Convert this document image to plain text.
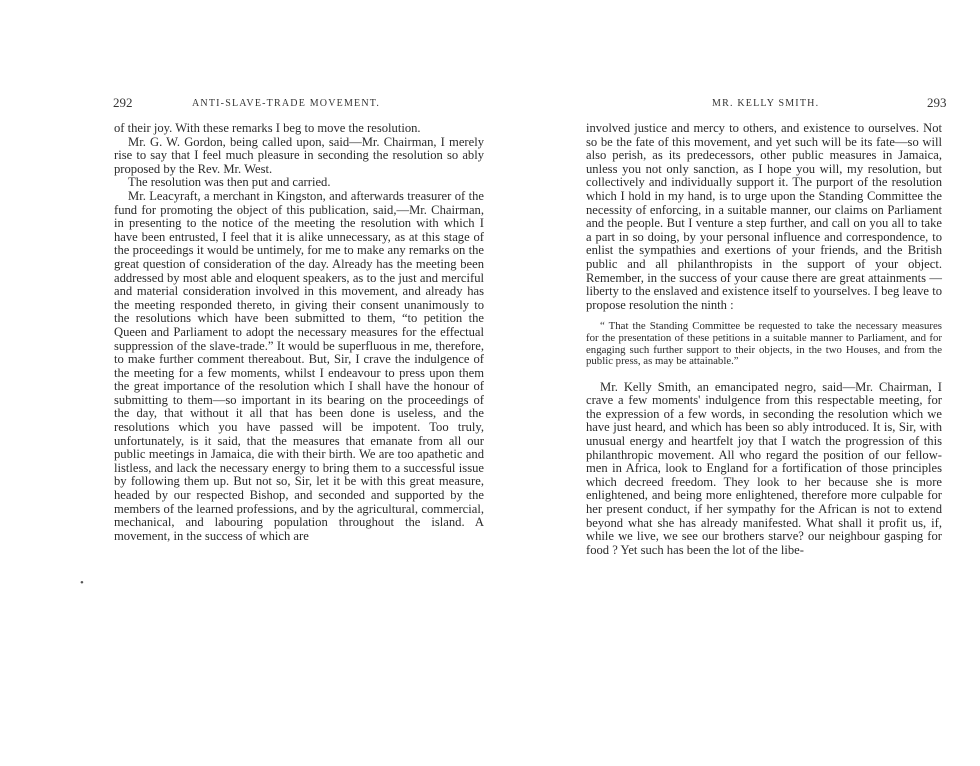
292	ANTI-SLAVE-TRADE MOVEMENT.

of their joy. With these remarks I beg to move the resolution.

Mr. G. W. Gordon, being called upon, said—Mr. Chairman, I merely rise to say that I feel much pleasure in seconding the resolution so ably proposed by the Rev. Mr. West.

The resolution was then put and carried.

Mr. Leacyraft, a merchant in Kingston, and afterwards treasurer of the fund for promoting the object of this publication, said,—Mr. Chairman, in presenting to the notice of the meeting the resolution with which I have been entrusted, I feel that it is alike unnecessary, as at this stage of the proceedings it would be untimely, for me to make any remarks on the great question of consideration of the day. Already has the meeting been addressed by most able and eloquent speakers, as to the just and merciful and material consideration involved in this movement, and already has the meeting responded thereto, in giving their consent unanimously to the resolutions which have been submitted to them, “to petition the Queen and Parliament to adopt the necessary measures for the effectual suppression of the slave-trade.” It would be superfluous in me, therefore, to make further comment thereabout. But, Sir, I crave the indulgence of the meeting for a few moments, whilst I endeavour to press upon them the great importance of the resolution which I shall have the honour of submitting to them—so important in its bearing on the proceedings of the day, that without it all that has been done is useless, and the resolutions which you have passed will be impotent. Too truly, unfortunately, is it said, that the measures that emanate from all our public meetings in Jamaica, die with their birth. We are too apathetic and listless, and lack the necessary energy to bring them to a successful issue by following them up. But not so, Sir, let it be with this great measure, headed by our respected Bishop, and seconded and supported by the members of the learned professions, and by the agricultural, commercial, mechanical, and labouring population throughout the island. A movement, in the success of which are

•
MR. KELLY SMITH.	293

involved justice and mercy to others, and existence to ourselves. Not so be the fate of this movement, and yet such will be its fate—so will also perish, as its predecessors, other public measures in Jamaica, unless you not only sanction, as I hope you will, my resolution, but collectively and individually support it. The purport of the resolution which I hold in my hand, is to urge upon the Standing Committee the necessity of enforcing, in a suitable manner, our claims on Parliament and the people. But I venture a step further, and call on you all to take a part in so doing, by your personal influence and correspondence, to enlist the sympathies and exertions of your friends, and the British public and all philanthropists in the support of your object. Remember, in the success of your cause there are great attainments — liberty to the enslaved and existence itself to yourselves. I beg leave to propose resolution the ninth :

“ That the Standing Committee be requested to take the necessary measures for the presentation of these petitions in a suitable manner to Parliament, and for engaging such further support to their objects, in the two Houses, and from the public press, as may be attainable.”

Mr. Kelly Smith, an emancipated negro, said—Mr. Chairman, I crave a few moments' indulgence from this respectable meeting, for the expression of a few words, in seconding the resolution which we have just heard, and which has been so ably introduced. It is, Sir, with unusual energy and heartfelt joy that I watch the progression of this philanthropic movement. All who regard the position of our fellow-men in Africa, look to England for a fortification of those principles which decreed freedom. They look to her because she is more enlightened, and being more enlightened, therefore more culpable for her present conduct, if her sympathy for the African is not to extend beyond what she has already manifested. What shall it profit us, if, while we live, we see our brothers starve? our neighbour gasping for food ? Yet such has been the lot of the libe-
